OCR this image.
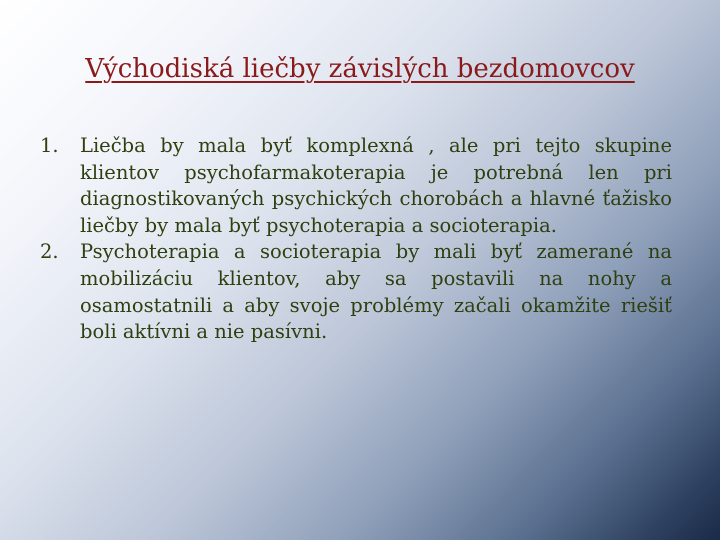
Východiská liečby závislých bezdomovcov
1. Liečba by mala byť komplexná , ale pri tejto skupine klientov psychofarmakoterapia je potrebná len pri diagnostikovaných psychických chorobách a hlavné ťažisko liečby by mala byť psychoterapia a socioterapia.
2. Psychoterapia a socioterapia by mali byť zamerané na mobilizáciu klientov, aby sa postavili na nohy a osamostatnili a aby svoje problémy začali okamžite riešiť boli aktívni a nie pasívni.
